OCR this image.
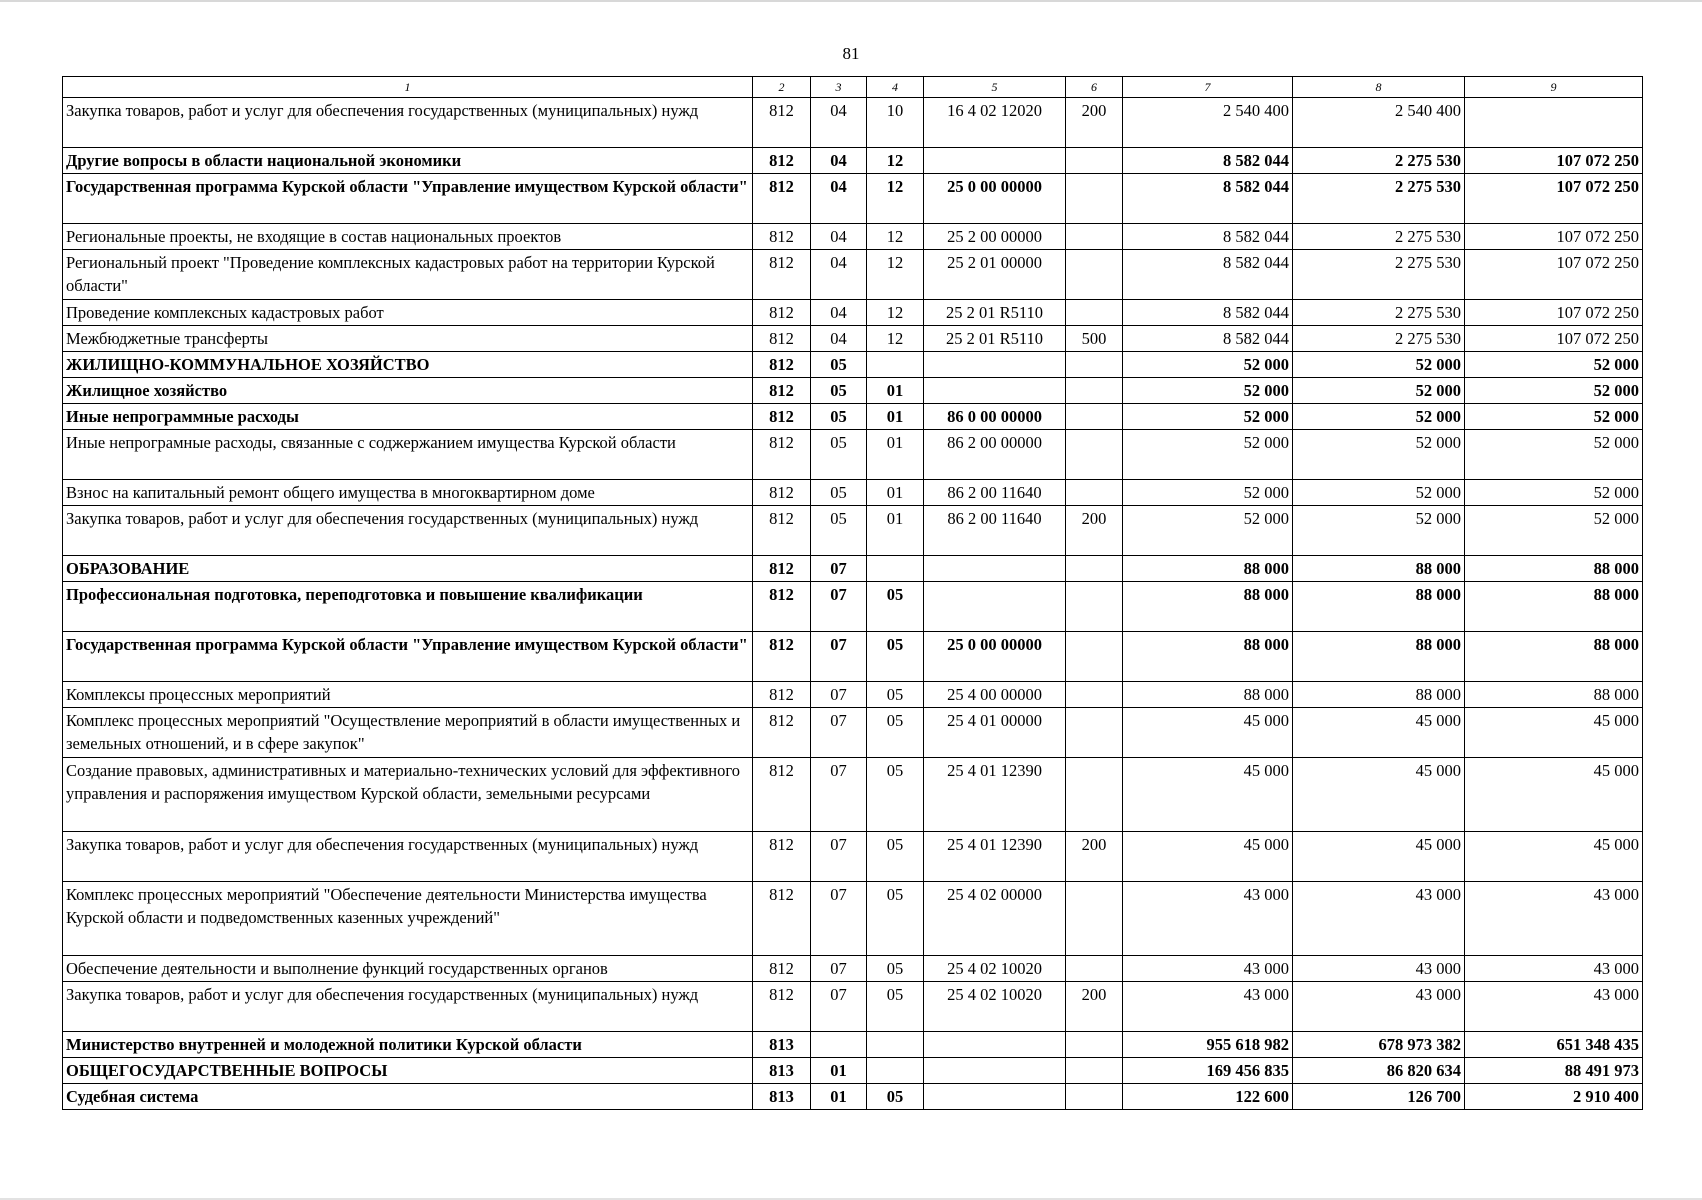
81
1	2	3	4	5	6	7	8	9
Закупка товаров, работ и услуг для обеспечения государственных (муниципальных) нужд	812	04	10	16 4 02 12020	200	2 540 400	2 540 400	
Другие вопросы в области национальной экономики	812	04	12			8 582 044	2 275 530	107 072 250
Государственная программа Курской области "Управление имуществом Курской области"	812	04	12	25 0 00 00000		8 582 044	2 275 530	107 072 250
Региональные проекты, не входящие в состав национальных проектов	812	04	12	25 2 00 00000		8 582 044	2 275 530	107 072 250
Региональный проект "Проведение комплексных кадастровых работ на территории Курской области"	812	04	12	25 2 01 00000		8 582 044	2 275 530	107 072 250
Проведение комплексных кадастровых работ	812	04	12	25 2 01 R5110		8 582 044	2 275 530	107 072 250
Межбюджетные трансферты	812	04	12	25 2 01 R5110	500	8 582 044	2 275 530	107 072 250
ЖИЛИЩНО-КОММУНАЛЬНОЕ ХОЗЯЙСТВО	812	05				52 000	52 000	52 000
Жилищное хозяйство	812	05	01			52 000	52 000	52 000
Иные непрограммные расходы	812	05	01	86 0 00 00000		52 000	52 000	52 000
Иные непрограмные расходы, связанные с соджержанием имущества Курской области	812	05	01	86 2 00 00000		52 000	52 000	52 000
Взнос на капитальный ремонт общего имущества в многоквартирном доме	812	05	01	86 2 00 11640		52 000	52 000	52 000
Закупка товаров, работ и услуг для обеспечения государственных (муниципальных) нужд	812	05	01	86 2 00 11640	200	52 000	52 000	52 000
ОБРАЗОВАНИЕ	812	07				88 000	88 000	88 000
Профессиональная подготовка, переподготовка и повышение квалификации	812	07	05			88 000	88 000	88 000
Государственная программа Курской области "Управление имуществом Курской области"	812	07	05	25 0 00 00000		88 000	88 000	88 000
Комплексы процессных мероприятий	812	07	05	25 4 00 00000		88 000	88 000	88 000
Комплекс процессных мероприятий "Осуществление мероприятий в области имущественных и земельных отношений, и в сфере закупок"	812	07	05	25 4 01 00000		45 000	45 000	45 000
Создание правовых, административных и материально-технических условий для эффективного управления и распоряжения имуществом Курской области, земельными ресурсами	812	07	05	25 4 01 12390		45 000	45 000	45 000
Закупка товаров, работ и услуг для обеспечения государственных (муниципальных) нужд	812	07	05	25 4 01 12390	200	45 000	45 000	45 000
Комплекс процессных мероприятий "Обеспечение деятельности Министерства имущества Курской области и подведомственных казенных учреждений"	812	07	05	25 4 02 00000		43 000	43 000	43 000
Обеспечение деятельности и выполнение функций государственных органов	812	07	05	25 4 02 10020		43 000	43 000	43 000
Закупка товаров, работ и услуг для обеспечения государственных (муниципальных) нужд	812	07	05	25 4 02 10020	200	43 000	43 000	43 000
Министерство внутренней и молодежной политики Курской области	813					955 618 982	678 973 382	651 348 435
ОБЩЕГОСУДАРСТВЕННЫЕ ВОПРОСЫ	813	01				169 456 835	86 820 634	88 491 973
Судебная система	813	01	05			122 600	126 700	2 910 400
